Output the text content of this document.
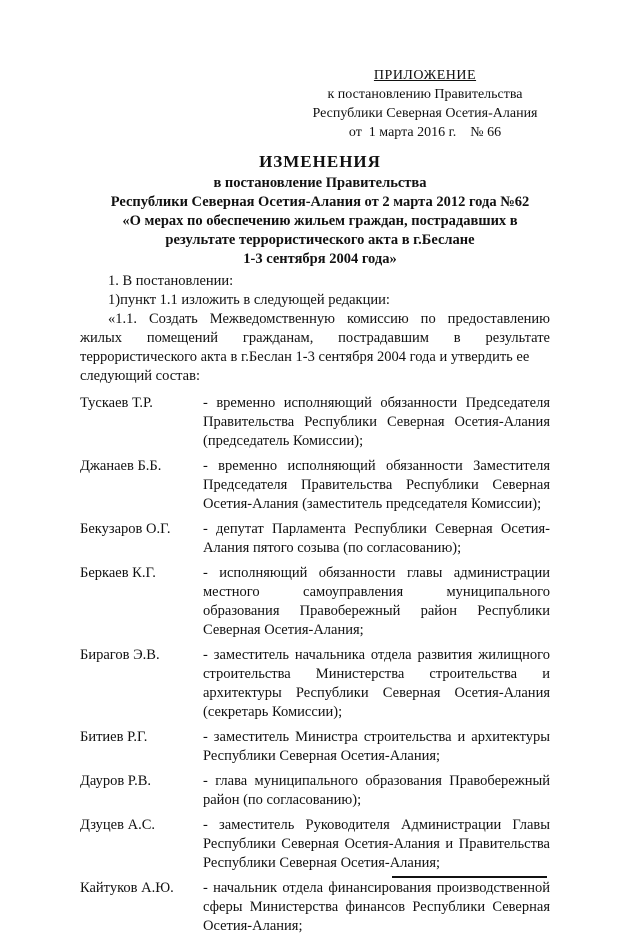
ПРИЛОЖЕНИЕ
к постановлению Правительства
Республики Северная Осетия-Алания
от  1 марта 2016 г.    № 66
ИЗМЕНЕНИЯ
в постановление Правительства
Республики Северная Осетия-Алания от 2 марта 2012 года №62
«О мерах по обеспечению жильем граждан, пострадавших в
результате террористического акта в г.Беслане
1-3 сентября 2004 года»

1. В постановлении:

1)пункт 1.1 изложить в следующей редакции:

«1.1. Создать Межведомственную комиссию по предоставлению

жилых помещений гражданам, пострадавшим в результате

террористического акта в г.Беслан 1-3 сентября 2004 года и утвердить ее следующий состав:

Тускаев Т.Р.	- временно исполняющий обязанности Председателя Правительства Республики Северная Осетия-Алания (председатель Комиссии);
Джанаев Б.Б.	- временно исполняющий обязанности Заместителя Председателя Правительства Республики Северная Осетия-Алания (заместитель председателя Комиссии);
Бекузаров О.Г.	- депутат Парламента Республики Северная Осетия-Алания пятого созыва (по согласованию);
Беркаев К.Г.	- исполняющий обязанности главы администрации местного самоуправления муниципального образования Правобережный район Республики Северная Осетия-Алания;
Бирагов Э.В.	- заместитель начальника отдела развития жилищного строительства Министерства строительства и архитектуры Республики Северная Осетия-Алания (секретарь Комиссии);
Битиев Р.Г.	- заместитель Министра строительства и архитектуры Республики Северная Осетия-Алания;
Дауров Р.В.	- глава муниципального образования Правобережный район (по согласованию);
Дзуцев А.С.	- заместитель Руководителя Администрации Главы Республики Северная Осетия-Алания и Правительства Республики Северная Осетия-Алания;
Кайтуков А.Ю.	- начальник отдела финансирования производственной сферы Министерства финансов Республики Северная Осетия-Алания;
